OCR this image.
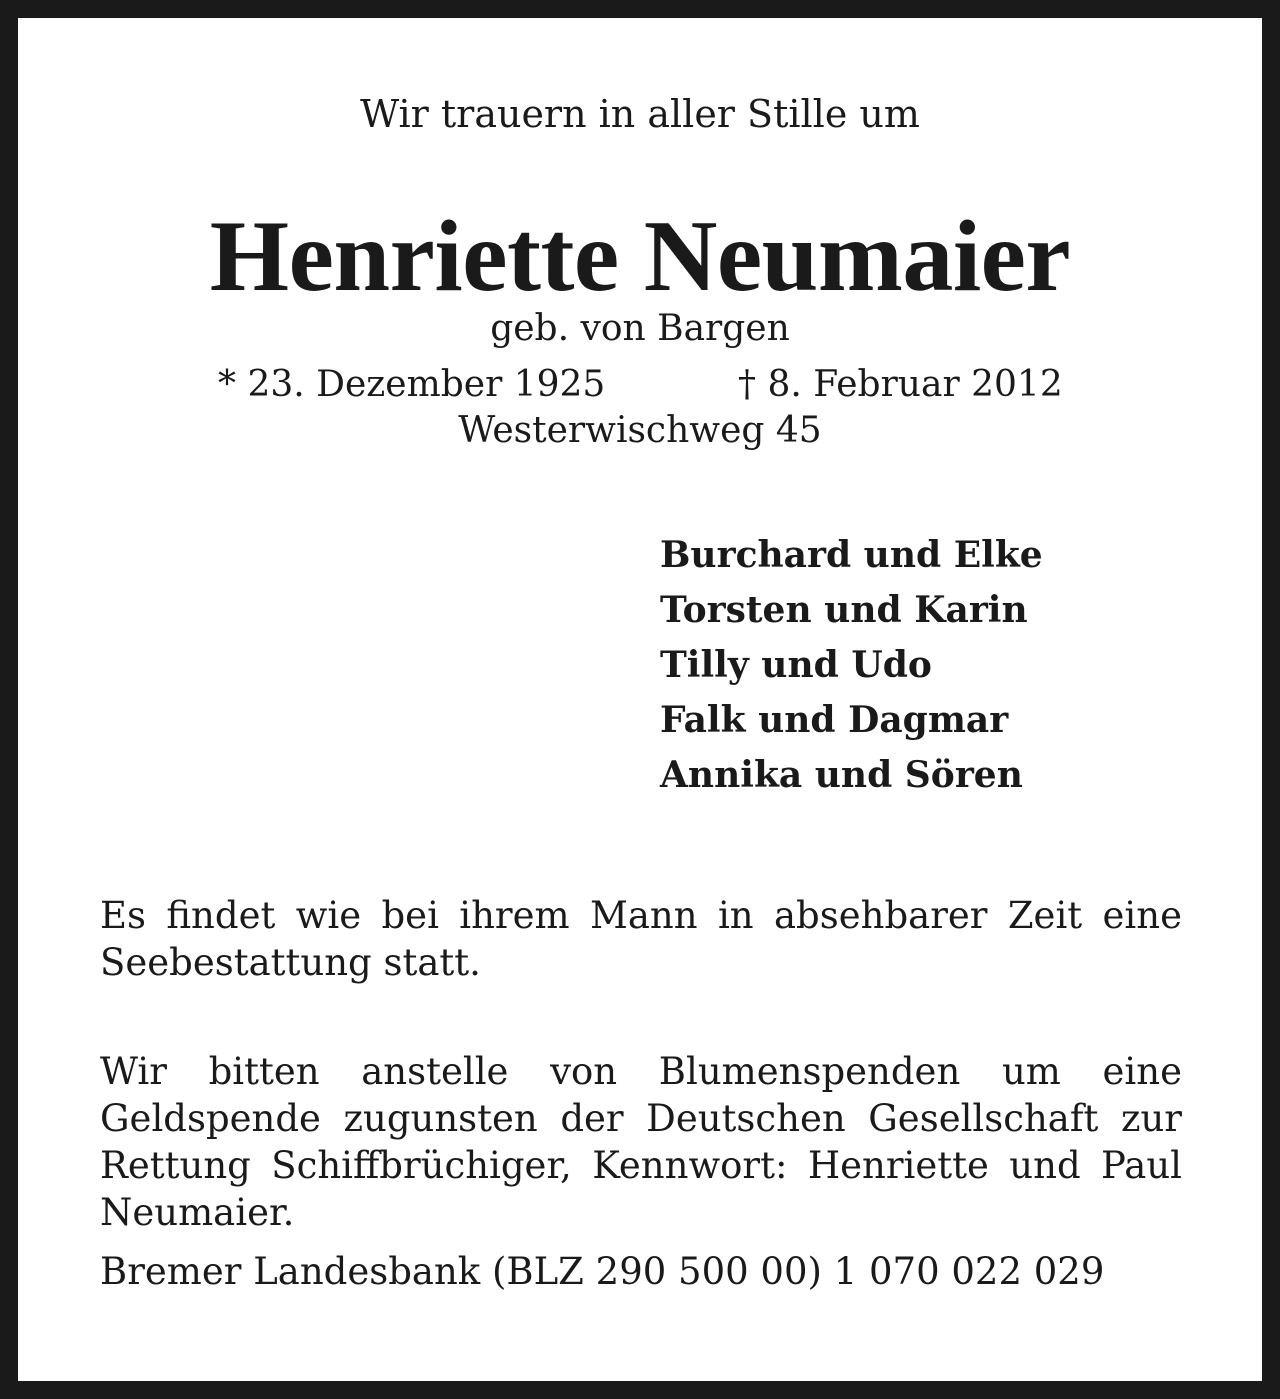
Wir trauern in aller Stille um
Henriette Neumaier
geb. von Bargen
* 23. Dezember 1925	† 8. Februar 2012
Westerwischweg 45
Burchard und Elke
Torsten und Karin
Tilly und Udo
Falk und Dagmar
Annika und Sören

Es findet wie bei ihrem Mann in absehbarer Zeit eine Seebestattung statt.

Wir bitten anstelle von Blumenspenden um eine Geldspende zugunsten der Deutschen Gesellschaft zur Rettung Schiffbrüchiger, Kennwort: Henriette und Paul Neumaier.

Bremer Landesbank (BLZ 290 500 00) 1 070 022 029
